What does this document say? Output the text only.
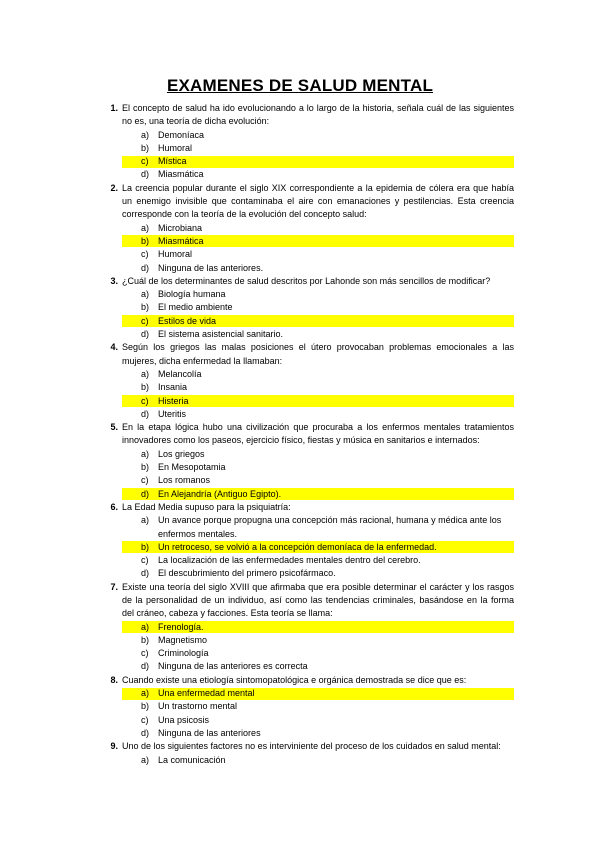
EXAMENES DE SALUD MENTAL
1. El concepto de salud ha ido evolucionando a lo largo de la historia, señala cuál de las siguientes no es, una teoría de dicha evolución:
a) Demoníaca
b) Humoral
c) Mística
d) Miasmática
2. La creencia popular durante el siglo XIX correspondiente a la epidemia de cólera era que había un enemigo invisible que contaminaba el aire con emanaciones y pestilencias. Esta creencia corresponde con la teoría de la evolución del concepto salud:
a) Microbiana
b) Miasmática
c) Humoral
d) Ninguna de las anteriores.
3. ¿Cuál de los determinantes de salud descritos por Lahonde son más sencillos de modificar?
a) Biología humana
b) El medio ambiente
c) Estilos de vida
d) El sistema asistencial sanitario.
4. Según los griegos las malas posiciones el útero provocaban problemas emocionales a las mujeres, dicha enfermedad la llamaban:
a) Melancolía
b) Insania
c) Histeria
d) Uteritis
5. En la etapa lógica hubo una civilización que procuraba a los enfermos mentales tratamientos innovadores como los paseos, ejercicio físico, fiestas y música en sanitarios e internados:
a) Los griegos
b) En Mesopotamia
c) Los romanos
d) En Alejandría (Antiguo Egipto).
6. La Edad Media supuso para la psiquiatría:
a) Un avance porque propugna una concepción más racional, humana y médica ante los enfermos mentales.
b) Un retroceso, se volvió a la concepción demoníaca de la enfermedad.
c) La localización de las enfermedades mentales dentro del cerebro.
d) El descubrimiento del primero psicofármaco.
7. Existe una teoría del siglo XVIII que afirmaba que era posible determinar el carácter y los rasgos de la personalidad de un individuo, así como las tendencias criminales, basándose en la forma del cráneo, cabeza y facciones. Esta teoría se llama:
a) Frenología.
b) Magnetismo
c) Criminología
d) Ninguna de las anteriores es correcta
8. Cuando existe una etiología sintomopatológica e orgánica demostrada se dice que es:
a) Una enfermedad mental
b) Un trastorno mental
c) Una psicosis
d) Ninguna de las anteriores
9. Uno de los siguientes factores no es interviniente del proceso de los cuidados en salud mental:
a) La comunicación
